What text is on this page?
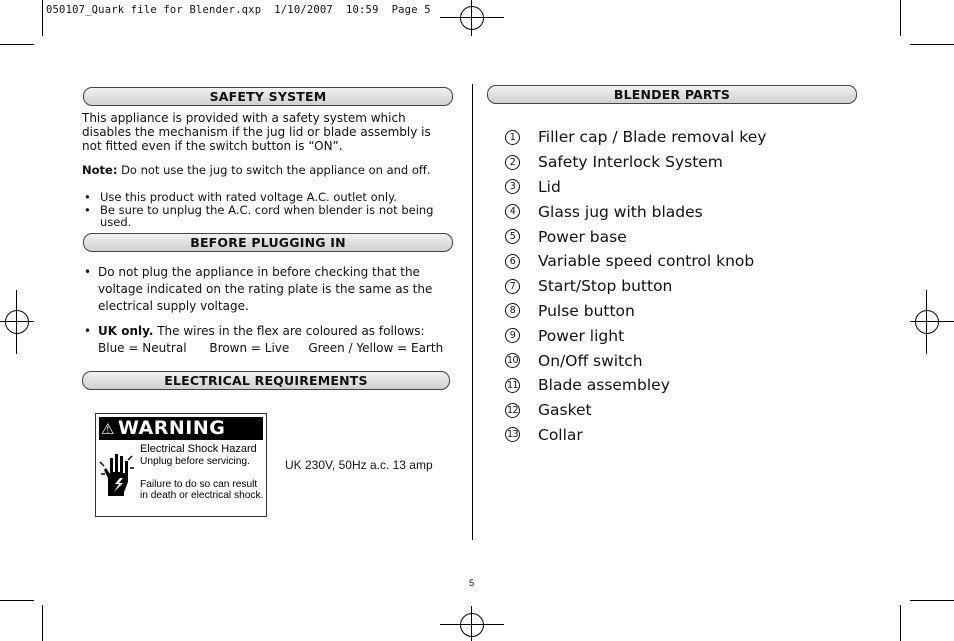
050107_Quark file for Blender.qxp  1/10/2007  10:59  Page 5
SAFETY SYSTEM
This appliance is provided with a safety system which disables the mechanism if the jug lid or blade assembly is not fitted even if the switch button is “ON”.
Note: Do not use the jug to switch the appliance on and off.
• Use this product with rated voltage A.C. outlet only.
• Be sure to unplug the A.C. cord when blender is not being used.
BEFORE PLUGGING IN
• Do not plug the appliance in before checking that the voltage indicated on the rating plate is the same as the electrical supply voltage.
• UK only. The wires in the flex are coloured as follows:
Blue = Neutral Brown = Live Green / Yellow = Earth
ELECTRICAL REQUIREMENTS
⚠ WARNING
Electrical Shock Hazard
Unplug before servicing.
Failure to do so can result in death or electrical shock.
UK 230V, 50Hz a.c. 13 amp
BLENDER PARTS
1	Filler cap / Blade removal key
2	Safety Interlock System
3	Lid
4	Glass jug with blades
5	Power base
6	Variable speed control knob
7	Start/Stop button
8	Pulse button
9	Power light
10 On/Off switch
11 Blade assembley
12 Gasket
13 Collar
5
